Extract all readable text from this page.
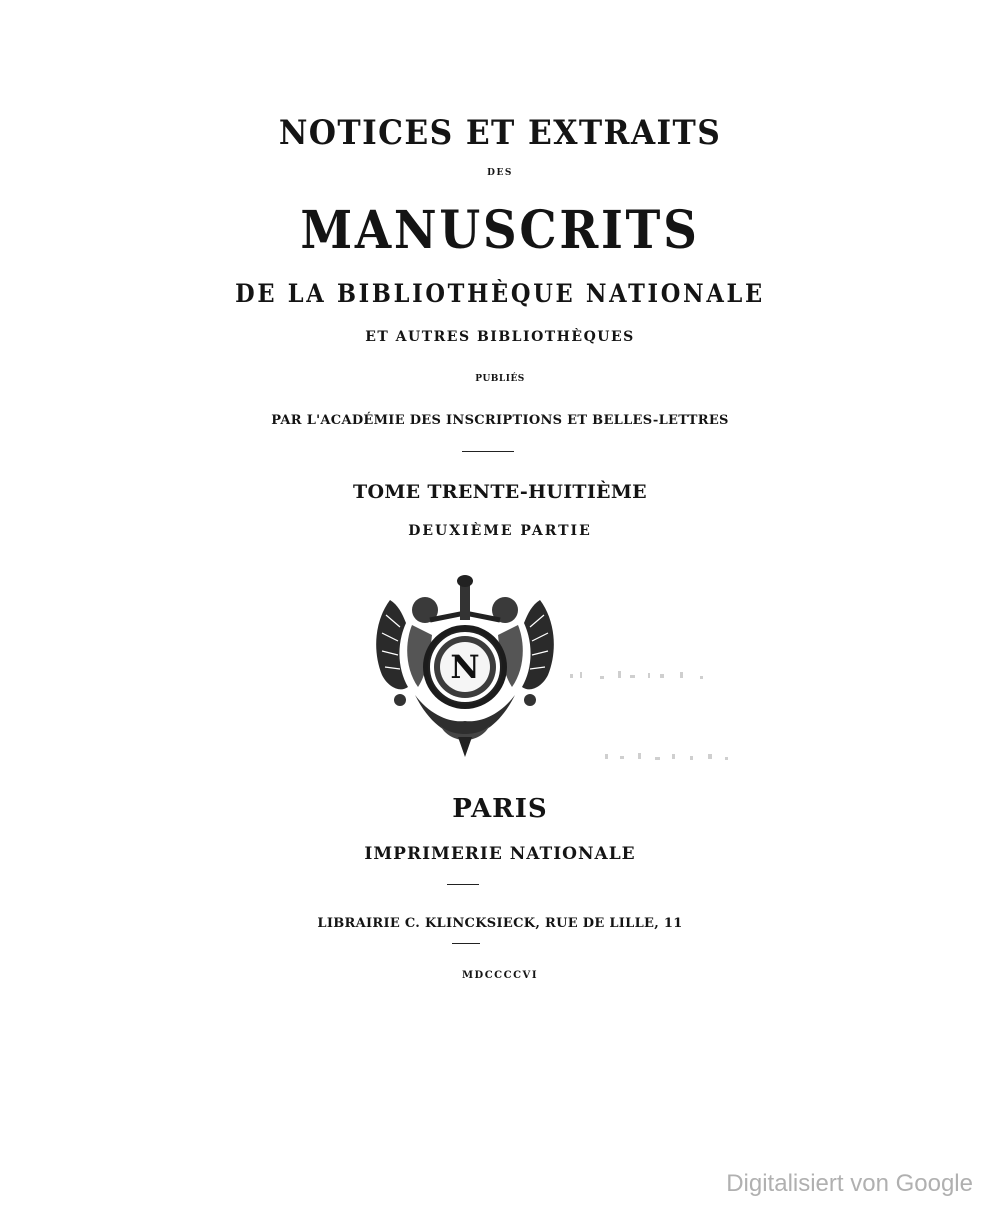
NOTICES ET EXTRAITS
DES
MANUSCRITS
DE LA BIBLIOTHÈQUE NATIONALE
ET AUTRES BIBLIOTHÈQUES
PUBLIÉS
PAR L'ACADÉMIE DES INSCRIPTIONS ET BELLES-LETTRES
TOME TRENTE-HUITIÈME
DEUXIÈME PARTIE
N
PARIS
IMPRIMERIE NATIONALE
LIBRAIRIE C. KLINCKSIECK, RUE DE LILLE, 11
MDCCCCVI
Digitalisiert von Google
